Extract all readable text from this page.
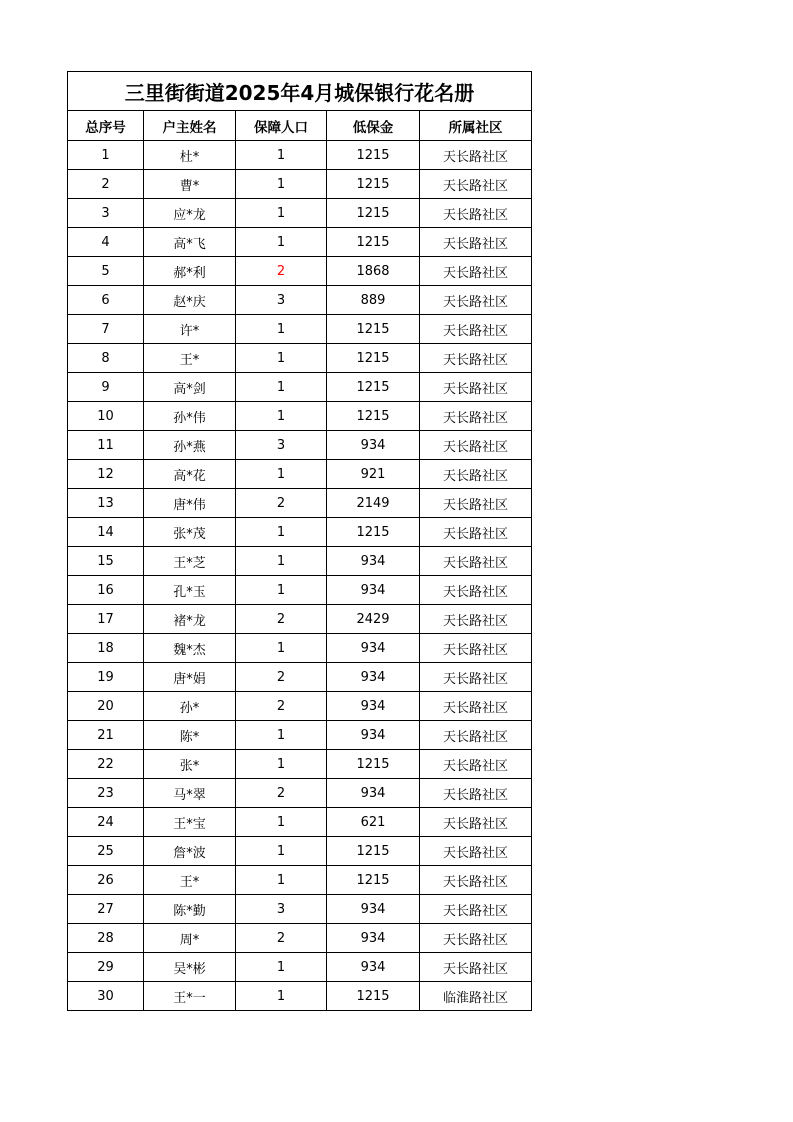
三里街街道2025年4月城保银行花名册				
总序号	户主姓名	保障人口	低保金	所属社区
1	杜*	1	1215	天长路社区
2	曹*	1	1215	天长路社区
3	应*龙	1	1215	天长路社区
4	高*飞	1	1215	天长路社区
5	郝*利	2	1868	天长路社区
6	赵*庆	3	889	天长路社区
7	许*	1	1215	天长路社区
8	王*	1	1215	天长路社区
9	高*剑	1	1215	天长路社区
10	孙*伟	1	1215	天长路社区
11	孙*燕	3	934	天长路社区
12	高*花	1	921	天长路社区
13	唐*伟	2	2149	天长路社区
14	张*茂	1	1215	天长路社区
15	王*芝	1	934	天长路社区
16	孔*玉	1	934	天长路社区
17	褚*龙	2	2429	天长路社区
18	魏*杰	1	934	天长路社区
19	唐*娟	2	934	天长路社区
20	孙*	2	934	天长路社区
21	陈*	1	934	天长路社区
22	张*	1	1215	天长路社区
23	马*翠	2	934	天长路社区
24	王*宝	1	621	天长路社区
25	詹*波	1	1215	天长路社区
26	王*	1	1215	天长路社区
27	陈*勤	3	934	天长路社区
28	周*	2	934	天长路社区
29	吴*彬	1	934	天长路社区
30	王*一	1	1215	临淮路社区
